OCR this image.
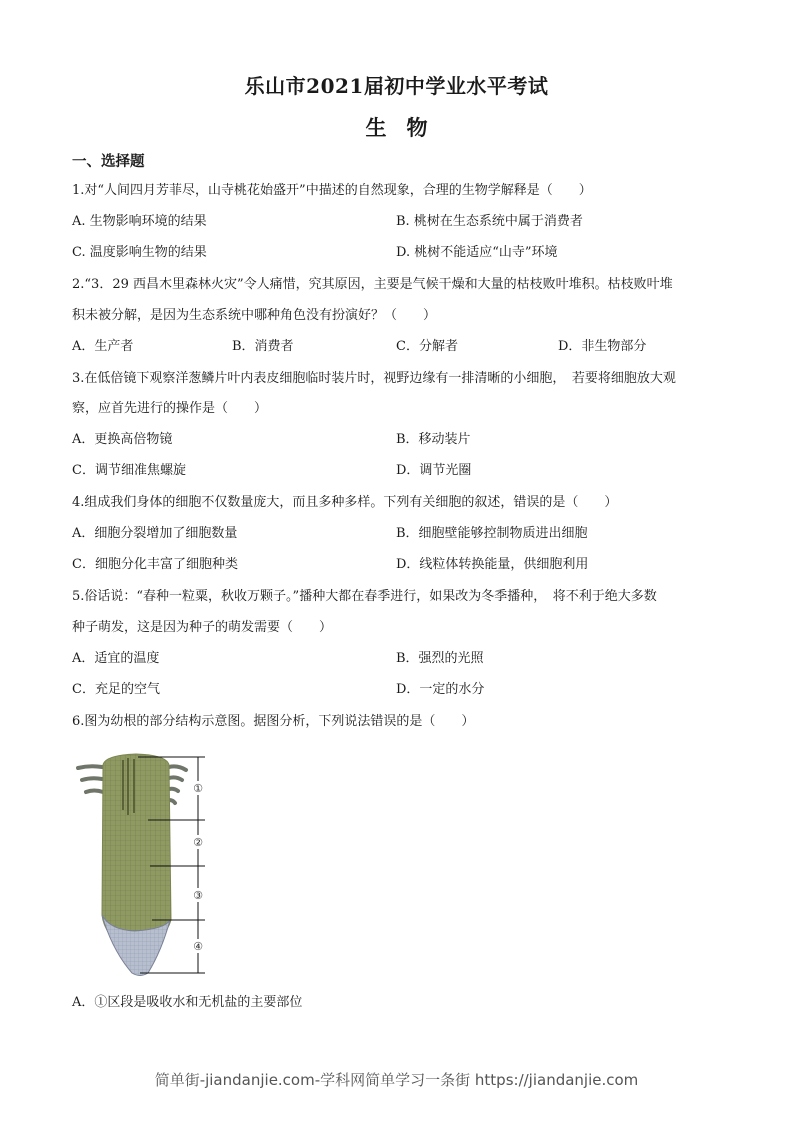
乐山市2021届初中学业水平考试
生物
一、选择题
1.对“人间四月芳菲尽，山寺桃花始盛开”中描述的自然现象，合理的生物学解释是（　　）
A. 生物影响环境的结果	B. 桃树在生态系统中属于消费者
C. 温度影响生物的结果	D. 桃树不能适应“山寺”环境
2.“3．29 西昌木里森林火灾”令人痛惜，究其原因，主要是气候干燥和大量的枯枝败叶堆积。枯枝败叶堆
积未被分解，是因为生态系统中哪种角色没有扮演好？（　　）
A．生产者	B．消费者	C．分解者	D．非生物部分
3.在低倍镜下观察洋葱鳞片叶内表皮细胞临时装片时，视野边缘有一排清晰的小细胞，　若要将细胞放大观
察，应首先进行的操作是（　　）
A．更换高倍物镜	B．移动装片
C．调节细准焦螺旋	D．调节光圈
4.组成我们身体的细胞不仅数量庞大，而且多种多样。下列有关细胞的叙述，错误的是（　　）
A．细胞分裂增加了细胞数量	B．细胞壁能够控制物质进出细胞
C．细胞分化丰富了细胞种类	D．线粒体转换能量，供细胞利用
5.俗话说：“春种一粒粟，秋收万颗子。”播种大都在春季进行，如果改为冬季播种，　将不利于绝大多数
种子萌发，这是因为种子的萌发需要（　　）
A．适宜的温度	B．强烈的光照
C．充足的空气	D．一定的水分
6.图为幼根的部分结构示意图。据图分析，下列说法错误的是（　　）
①
②
③
④
A．①区段是吸收水和无机盐的主要部位
简单街-jiandanjie.com-学科网简单学习一条街 https://jiandanjie.com
